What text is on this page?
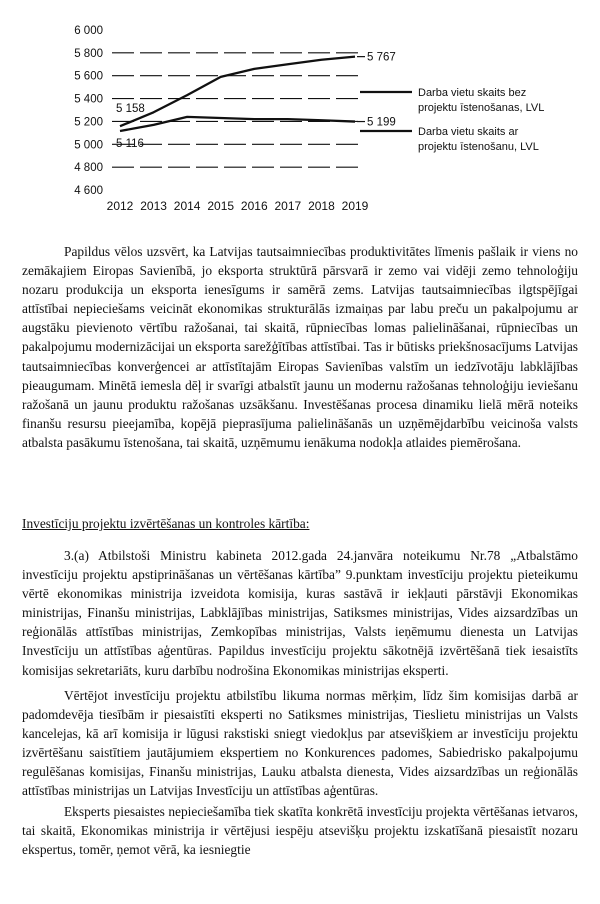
6 000
5 800
5 600
5 400
5 200
5 000
4 800
4 600
2012 2013 2014 2015 2016 2017 2018 2019
5 158
5 767
5 116
5 199
Darba vietu skaits bez
projektu īstenošanas, LVL
Darba vietu skaits ar
projektu īstenošanu, LVL

Papildus vēlos uzsvērt, ka Latvijas tautsaimniecības produktivitātes līmenis pašlaik ir viens no zemākajiem Eiropas Savienībā, jo eksporta struktūrā pārsvarā ir zemo vai vidēji zemo tehnoloģiju nozaru produkcija un eksporta ienesīgums ir samērā zems. Latvijas tautsaimniecības ilgtspējīgai attīstībai nepieciešams veicināt ekonomikas strukturālās izmaiņas par labu preču un pakalpojumu ar augstāku pievienoto vērtību ražošanai, tai skaitā, rūpniecības lomas palielināšanai, rūpniecības un pakalpojumu modernizācijai un eksporta sarežģītības attīstībai. Tas ir būtisks priekšnosacījums Latvijas tautsaimniecības konverģencei ar attīstītajām Eiropas Savienības valstīm un iedzīvotāju labklājības pieaugumam. Minētā iemesla dēļ ir svarīgi atbalstīt jaunu un modernu ražošanas tehnoloģiju ieviešanu ražošanā un jaunu produktu ražošanas uzsākšanu. Investēšanas procesa dinamiku lielā mērā noteiks finanšu resursu pieejamība, kopējā pieprasījuma palielināšanās un uzņēmējdarbību veicinoša valsts atbalsta pasākumu īstenošana, tai skaitā, uzņēmumu ienākuma nodokļa atlaides piemērošana.

Investīciju projektu izvērtēšanas un kontroles kārtība:

3.(a) Atbilstoši Ministru kabineta 2012.gada 24.janvāra noteikumu Nr.78 „Atbalstāmo investīciju projektu apstiprināšanas un vērtēšanas kārtība” 9.punktam investīciju projektu pieteikumu vērtē ekonomikas ministrija izveidota komisija, kuras sastāvā ir iekļauti pārstāvji Ekonomikas ministrijas, Finanšu ministrijas, Labklājības ministrijas, Satiksmes ministrijas, Vides aizsardzības un reģionālās attīstības ministrijas, Zemkopības ministrijas, Valsts ieņēmumu dienesta un Latvijas Investīciju un attīstības aģentūras. Papildus investīciju projektu sākotnējā izvērtēšanā tiek iesaistīts komisijas sekretariāts, kuru darbību nodrošina Ekonomikas ministrijas eksperti.

Vērtējot investīciju projektu atbilstību likuma normas mērķim, līdz šim komisijas darbā ar padomdevēja tiesībām ir piesaistīti eksperti no Satiksmes ministrijas, Tieslietu ministrijas un Valsts kancelejas, kā arī komisija ir lūgusi rakstiski sniegt viedokļus par atsevišķiem ar investīciju projektu izvērtēšanu saistītiem jautājumiem ekspertiem no Konkurences padomes, Sabiedrisko pakalpojumu regulēšanas komisijas, Finanšu ministrijas, Lauku atbalsta dienesta, Vides aizsardzības un reģionālās attīstības ministrijas un Latvijas Investīciju un attīstības aģentūras.

Eksperts piesaistes nepieciešamība tiek skatīta konkrētā investīciju projekta vērtēšanas ietvaros, tai skaitā, Ekonomikas ministrija ir vērtējusi iespēju atsevišķu projektu izskatīšanā piesaistīt nozaru ekspertus, tomēr, ņemot vērā, ka iesniegtie
